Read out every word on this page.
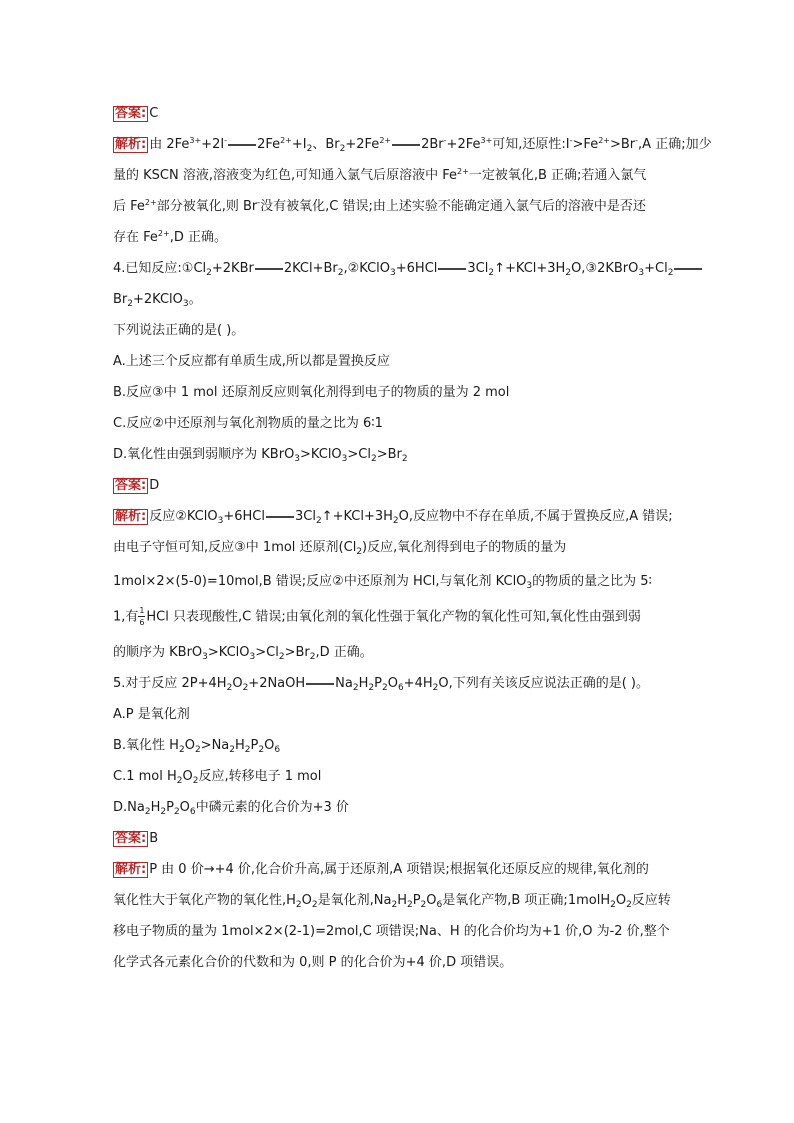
答案: C
解析: 由 $2Fe^{3+}+2I^-$ $2Fe^{2+}+I_2$、$Br_2+2Fe^{2+}$ $2Br^-+2Fe^{3+}$可知,还原性$:I^->Fe^{2+}>Br^-,A$ 正确;加少
量的 KSCN 溶液,溶液变为红色,可知通入氯气后原溶液中 $Fe^{2+}$一定被氧化,B 正确;若通入氯气
后 $Fe^{2+}$部分被氧化,则 Br-没有被氧化,C 错误;由上述实验不能确定通入氯气后的溶液中是否还
存在 $Fe^{2+},D$ 正确。
4.已知反应$:①Cl_2+2KBr$ $2KCl+Br_2,②KClO_3+6HCl$ $3Cl_2↑+KCl+3H_2O,③2KBrO_3+Cl_2$
$Br_2+2KClO_3$。
下列说法正确的是( )。
A.上述三个反应都有单质生成,所以都是置换反应
B.反应③中 1 mol 还原剂反应则氧化剂得到电子的物质的量为 2 mol
C.反应②中还原剂与氧化剂物质的量之比为 6∶1
D.氧化性由强到弱顺序为 $KBrO_3>KClO_3>Cl_2>Br_2$
答案: D
解析: 反应②KClO$_3$+6HCl $3Cl_2↑+KCl+3H_2O$,反应物中不存在单质,不属于置换反应,A 错误;
由电子守恒可知,反应③中 1mol 还原剂$(Cl_2)$反应,氧化剂得到电子的物质的量为
1mol×2×(5-0)=10mol,B 错误;反应②中还原剂为 HCl,与氧化剂 KClO$_3$的物质的量之比为 5∶
1,有 $\frac{1}{6}$ HCl 只表现酸性,C 错误;由氧化剂的氧化性强于氧化产物的氧化性可知,氧化性由强到弱
的顺序为 $KBrO_3>KClO_3>Cl_2>Br_2,D$ 正确。
5.对于反应 $2P+4H_2O_2+2NaOH$ $Na_2H_2P_2O_6+4H_2O$,下列有关该反应说法正确的是( )。
A.P 是氧化剂
B.氧化性 $H_2O_2>Na_2H_2P_2O_6$
C.1 mol $H_2O_2$反应,转移电子 1 mol
$D.Na_2H_2P_2O_6$中磷元素的化合价为+3 价
答案: B
解析: P 由 0 价→+4 价,化合价升高,属于还原剂,A 项错误;根据氧化还原反应的规律,氧化剂的
氧化性大于氧化产物的氧化性$,H_2O_2$是氧化剂$,Na_2H_2P_2O_6$是氧化产物,B 项正确$;1molH_2O_2$反应转
移电子物质的量为 1mol×2×(2-1)=2mol,C 项错误;Na、H 的化合价均为+1 价,O 为-2 价,整个
化学式各元素化合价的代数和为 0,则 P 的化合价为+4 价,D 项错误。
